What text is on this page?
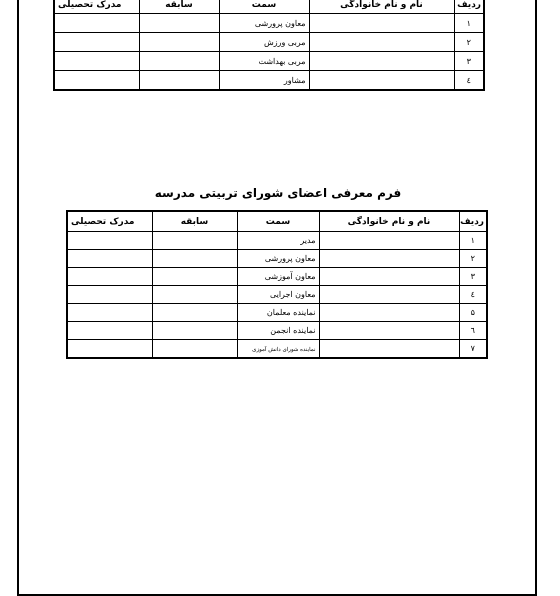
ردیف	نام و نام خانوادگی	سمت	سابقه	مدرک تحصیلی
۱		معاون پرورشی		
۲		مربی ورزش		
۳		مربی بهداشت		
٤		مشاور		
فرم معرفی اعضای شورای تربیتی مدرسه
ردیف	نام و نام خانوادگی	سمت	سابقه	مدرک تحصیلی
۱		مدیر		
۲		معاون پرورشی		
۳		معاون آموزشی		
٤		معاون اجرایی		
۵		نماینده معلمان		
٦		نماینده انجمن		
۷		نماینده شورای دانش آموزی		
